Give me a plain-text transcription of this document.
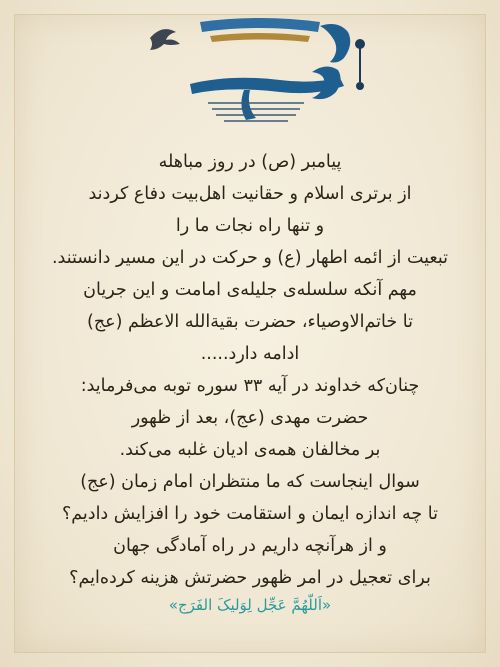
پیامبر (ص) در روز مباهله
از برتری اسلام و حقانیت اهل‌بیت دفاع کردند
و تنها راه نجات ما را
تبعیت از ائمه اطهار (ع) و حرکت در این مسیر دانستند.
مهم آنکه سلسله‌ی جلیله‌ی امامت و این جریان
تا خاتم‌الاوصیاء، حضرت بقیة‌الله الاعظم (عج)
ادامه دارد.....
چنان‌که خداوند در آیه ۳۳ سوره توبه می‌فرماید:
حضرت مهدی (عج)، بعد از ظهور
بر مخالفان همه‌ی ادیان غلبه می‌کند.
سوال اینجاست که ما منتظران امام زمان (عج)
تا چه اندازه ایمان و استقامت خود را افزایش دادیم؟
و از هرآنچه داریم در راه آمادگی جهان
برای تعجیل در امر ظهور حضرتش هزینه کرده‌ایم؟
«اَللّهُمَّ عَجِّل لِوَلیکَ الفَرَج»
